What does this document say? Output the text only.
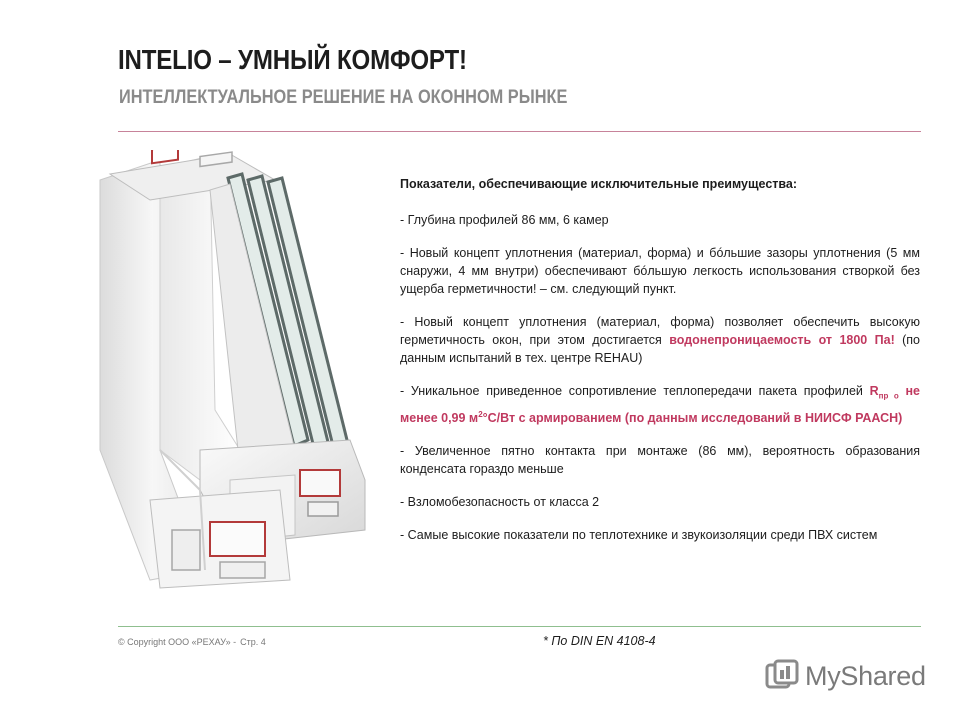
INTELIO – УМНЫЙ КОМФОРТ!
ИНТЕЛЛЕКТУАЛЬНОЕ РЕШЕНИЕ НА ОКОННОМ РЫНКЕ

Показатели, обеспечивающие исключительные преимущества:

- Глубина профилей 86 мм, 6 камер

- Новый концепт уплотнения (материал, форма) и бóльшие зазоры уплотнения (5 мм снаружи, 4 мм внутри) обеспечивают бóльшую легкость использования створкой без ущерба герметичности! – см. следующий пункт.

- Новый концепт уплотнения (материал, форма) позволяет обеспечить высокую герметичность окон, при этом достигается водонепроницаемость от 1800 Па! (по данным испытаний в тех. центре REHAU)

- Уникальное приведенное сопротивление теплопередачи пакета профилей $R_{пр о}$ не менее 0,99 $м^2^\circ С/Вт$ с армированием (по данным исследований в НИИСФ РААСН)

- Увеличенное пятно контакта при монтаже (86 мм), вероятность образования конденсата гораздо меньше

- Взломобезопасность от класса 2

- Самые высокие показатели по теплотехнике и звукоизоляции среди ПВХ систем

© Copyright ООО «РЕХАУ» - Стр. 4	* По DIN EN 4108-4
MyShared
